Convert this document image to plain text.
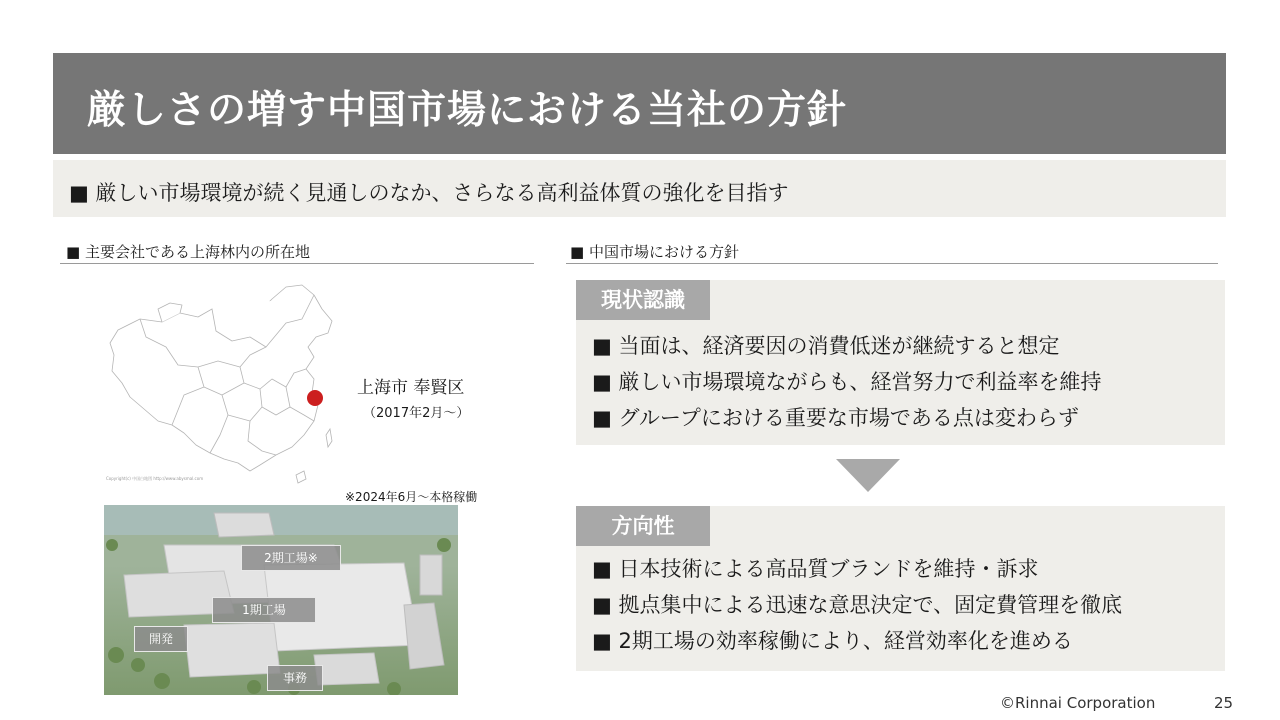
厳しさの増す中国市場における当社の方針
■ 厳しい市場環境が続く見通しのなか、さらなる高利益体質の強化を目指す
■ 主要会社である上海林内の所在地	■ 中国市場における方針
Copyright(c) 中国白地図 http://www.abysmal.com
上海市 奉賢区
（2017年2月～）
※2024年6月～本格稼働
2期工場※
1期工場
開発
事務
現状認識
■ 当面は、経済要因の消費低迷が継続すると想定
■ 厳しい市場環境ながらも、経営努力で利益率を維持
■ グループにおける重要な市場である点は変わらず
方向性
■ 日本技術による高品質ブランドを維持・訴求
■ 拠点集中による迅速な意思決定で、固定費管理を徹底
■ 2期工場の効率稼働により、経営効率化を進める
©Rinnai Corporation	25
